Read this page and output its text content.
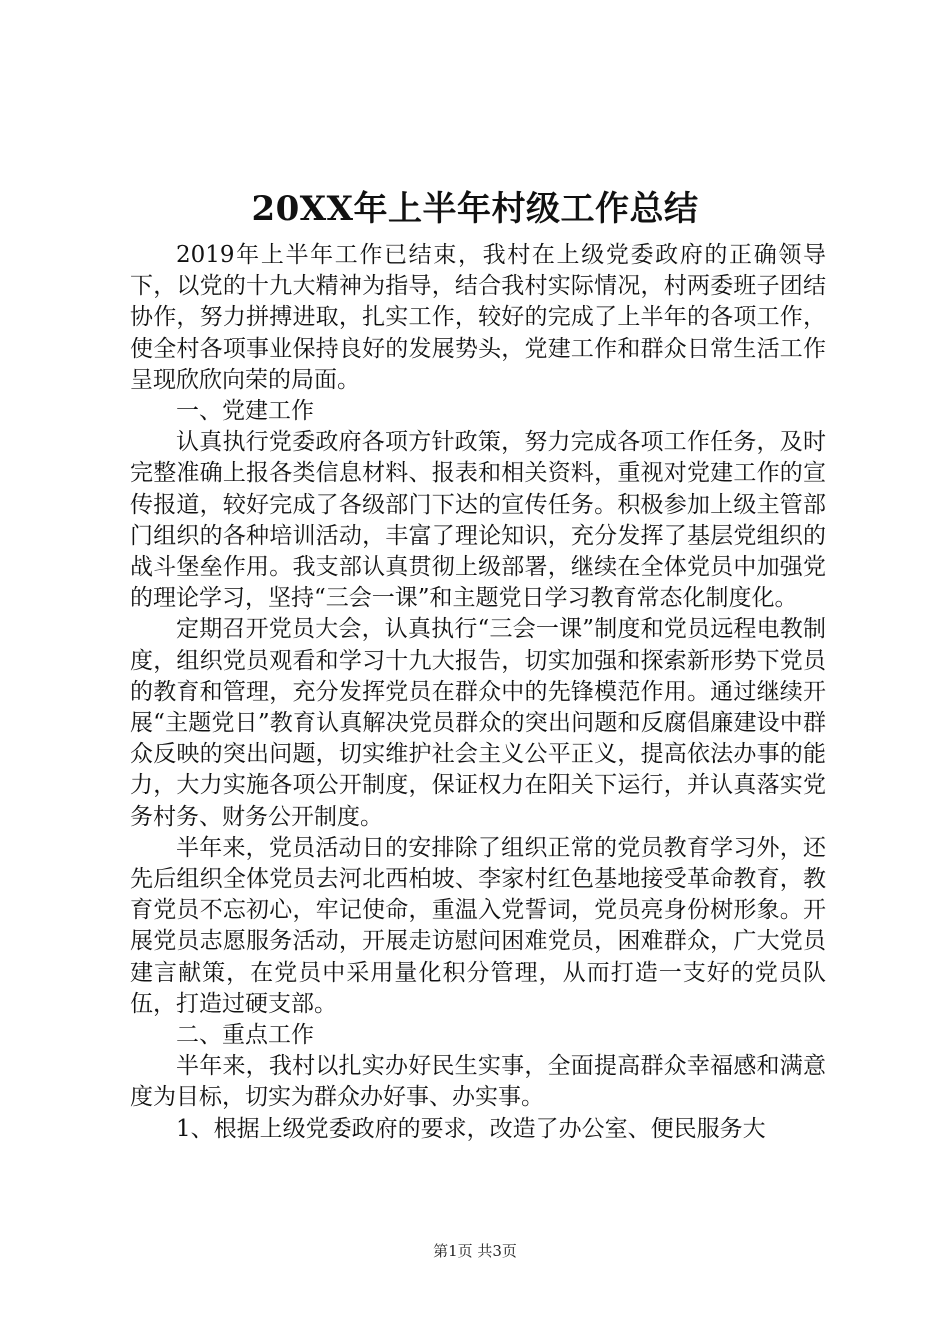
20XX年上半年村级工作总结

2019年上半年工作已结束，我村在上级党委政府的正确领导下，以党的十九大精神为指导，结合我村实际情况，村两委班子团结协作，努力拼搏进取，扎实工作，较好的完成了上半年的各项工作，使全村各项事业保持良好的发展势头，党建工作和群众日常生活工作呈现欣欣向荣的局面。

一、党建工作

认真执行党委政府各项方针政策，努力完成各项工作任务，及时完整准确上报各类信息材料、报表和相关资料，重视对党建工作的宣传报道，较好完成了各级部门下达的宣传任务。积极参加上级主管部门组织的各种培训活动，丰富了理论知识，充分发挥了基层党组织的战斗堡垒作用。我支部认真贯彻上级部署，继续在全体党员中加强党的理论学习，坚持“三会一课”和主题党日学习教育常态化制度化。

定期召开党员大会，认真执行“三会一课”制度和党员远程电教制度，组织党员观看和学习十九大报告，切实加强和探索新形势下党员的教育和管理，充分发挥党员在群众中的先锋模范作用。通过继续开展“主题党日”教育认真解决党员群众的突出问题和反腐倡廉建设中群众反映的突出问题，切实维护社会主义公平正义，提高依法办事的能力，大力实施各项公开制度，保证权力在阳关下运行，并认真落实党务村务、财务公开制度。

半年来，党员活动日的安排除了组织正常的党员教育学习外，还先后组织全体党员去河北西柏坡、李家村红色基地接受革命教育，教育党员不忘初心，牢记使命，重温入党誓词，党员亮身份树形象。开展党员志愿服务活动，开展走访慰问困难党员，困难群众，广大党员建言献策，在党员中采用量化积分管理，从而打造一支好的党员队伍，打造过硬支部。

二、重点工作

半年来，我村以扎实办好民生实事，全面提高群众幸福感和满意度为目标，切实为群众办好事、办实事。

1、根据上级党委政府的要求，改造了办公室、便民服务大

第1页 共3页
